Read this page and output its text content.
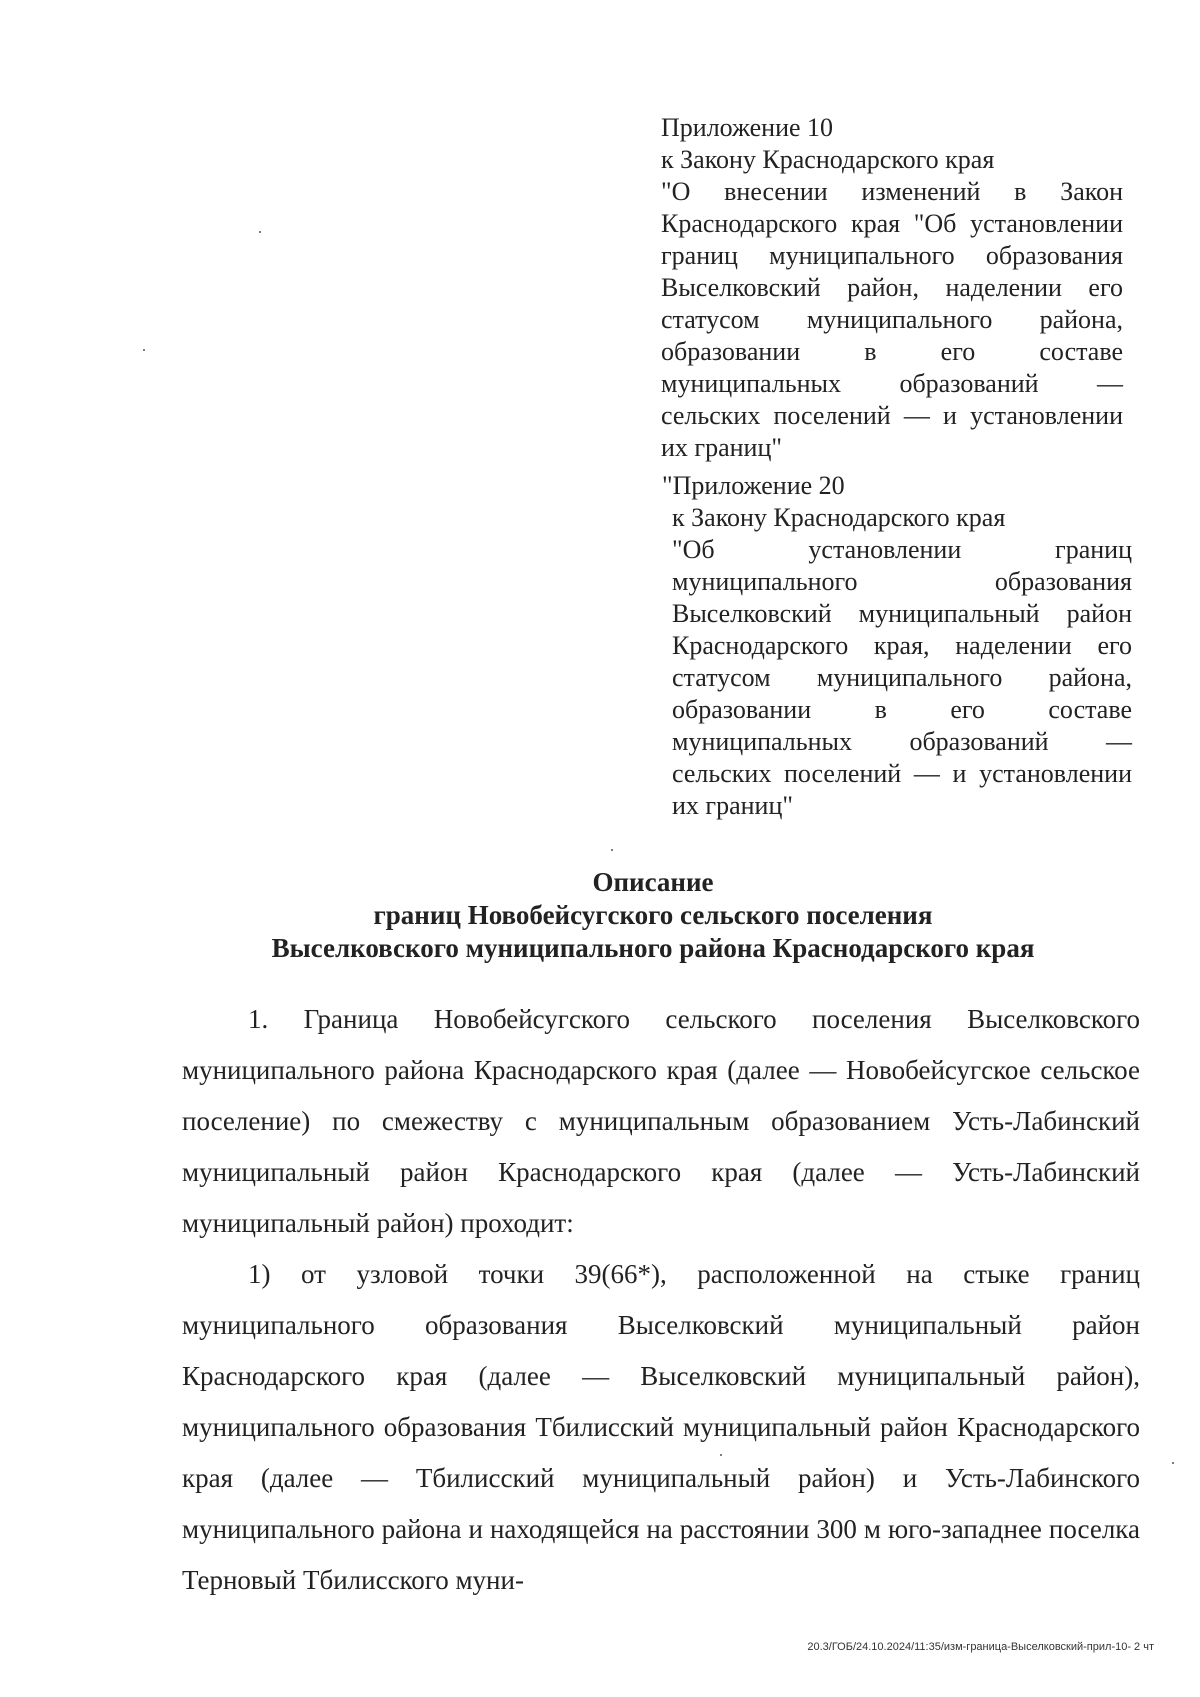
Приложение 10

к Закону Краснодарского края

"О внесении изменений в Закон Краснодарского края "Об установлении границ муниципального образования Выселковский район, наделении его статусом муниципального района, образовании в его составе муниципальных образований — сельских поселений — и установлении их границ"

"Приложение 20

к Закону Краснодарского края

"Об установлении границ муниципального образования Выселковский муниципальный район Краснодарского края, наделении его статусом муниципального района, образовании в его составе муниципальных образований — сельских поселений — и установлении их границ"

Описание
границ Новобейсугского сельского поселения
Выселковского муниципального района Краснодарского края

1. Граница Новобейсугского сельского поселения Выселковского муниципального района Краснодарского края (далее — Новобейсугское сельское поселение) по смежеству с муниципальным образованием Усть-Лабинский муниципальный район Краснодарского края (далее — Усть-Лабинский муниципальный район) проходит:

1) от узловой точки 39(66*), расположенной на стыке границ муниципального образования Выселковский муниципальный район Краснодарского края (далее — Выселковский муниципальный район), муниципального образования Тбилисский муниципальный район Краснодарского края (далее — Тбилисский муниципальный район) и Усть-Лабинского муниципального района и находящейся на расстоянии 300 м юго-западнее поселка Терновый Тбилисского муни-

20.3/ГОБ/24.10.2024/11:35/изм-граница-Выселковский-прил-10- 2 чт
